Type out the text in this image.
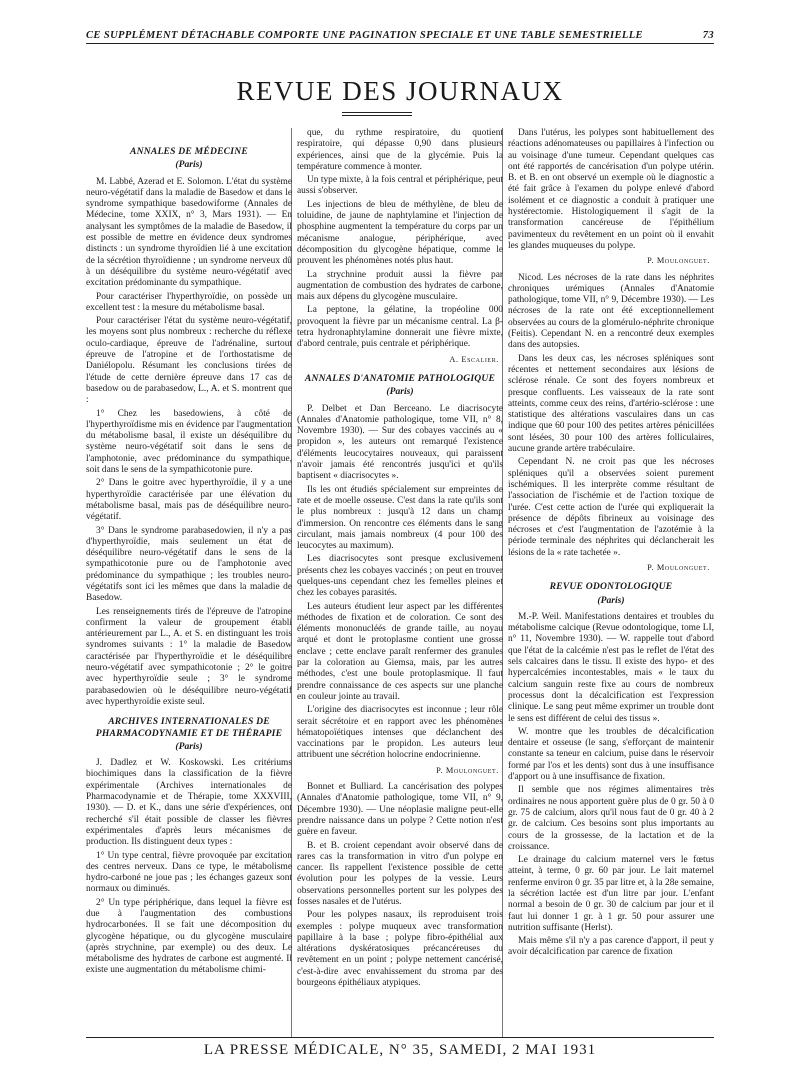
CE SUPPLÉMENT DÉTACHABLE COMPORTE UNE PAGINATION SPECIALE ET UNE TABLE SEMESTRIELLE	73
REVUE DES JOURNAUX
ANNALES DE MÉDECINE
(Paris)

M. Labbé, Azerad et E. Solomon. L'état du système neuro-végétatif dans la maladie de Basedow et dans le syndrome sympathique basedowiforme (Annales de Médecine, tome XXIX, n° 3, Mars 1931). — En analysant les symptômes de la maladie de Basedow, il est possible de mettre en évidence deux syndromes distincts : un syndrome thyroïdien lié à une excitation de la sécrétion thyroïdienne ; un syndrome nerveux dû à un déséquilibre du système neuro-végétatif avec excitation prédominante du sympathique.

Pour caractériser l'hyperthyroïdie, on possède un excellent test : la mesure du métabolisme basal.

Pour caractériser l'état du système neuro-végétatif, les moyens sont plus nombreux : recherche du réflexe oculo-cardiaque, épreuve de l'adrénaline, surtout épreuve de l'atropine et de l'orthostatisme de Daniélopolu. Résumant les conclusions tirées de l'étude de cette dernière épreuve dans 17 cas de basedow ou de parabasedow, L., A. et S. montrent que :

1° Chez les basedowiens, à côté de l'hyperthyroïdisme mis en évidence par l'augmentation du métabolisme basal, il existe un déséquilibre du système neuro-végétatif soit dans le sens de l'amphotonie, avec prédominance du sympathique, soit dans le sens de la sympathicotonie pure.

2° Dans le goitre avec hyperthyroïdie, il y a une hyperthyroïdie caractérisée par une élévation du métabolisme basal, mais pas de déséquilibre neuro-végétatif.

3° Dans le syndrome parabasedowien, il n'y a pas d'hyperthyroïdie, mais seulement un état de déséquilibre neuro-végétatif dans le sens de la sympathicotonie pure ou de l'amphotonie avec prédominance du sympathique ; les troubles neuro-végétatifs sont ici les mêmes que dans la maladie de Basedow.

Les renseignements tirés de l'épreuve de l'atropine confirment la valeur de groupement établi antérieurement par L., A. et S. en distinguant les trois syndromes suivants : 1° la maladie de Basedow caractérisée par l'hyperthyroïdie et le déséquilibre neuro-végétatif avec sympathicotonie ; 2° le goitre avec hyperthyroïdie seule ; 3° le syndrome parabasedowien où le déséquilibre neuro-végétatif avec hyperthyroïdie existe seul.

ARCHIVES INTERNATIONALES DE PHARMACODYNAMIE ET DE THÉRAPIE
(Paris)

J. Dadlez et W. Koskowski. Les critériums biochimiques dans la classification de la fièvre expérimentale (Archives internationales de Pharmacodynamie et de Thérapie, tome XXXVIII, 1930). — D. et K., dans une série d'expériences, ont recherché s'il était possible de classer les fièvres expérimentales d'après leurs mécanismes de production. Ils distinguent deux types :

1° Un type central, fièvre provoquée par excitation des centres nerveux. Dans ce type, le métabolisme hydro-carboné ne joue pas ; les échanges gazeux sont normaux ou diminués.

2° Un type périphérique, dans lequel la fièvre est due à l'augmentation des combustions hydrocarbonées. Il se fait une décomposition du glycogène hépatique, ou du glycogène musculaire (après strychnine, par exemple) ou des deux. Le métabolisme des hydrates de carbone est augmenté. Il existe une augmentation du métabolisme chimi-

que, du rythme respiratoire, du quotient respiratoire, qui dépasse 0,90 dans plusieurs expériences, ainsi que de la glycémie. Puis la température commence à monter.

Un type mixte, à la fois central et périphérique, peut aussi s'observer.

Les injections de bleu de méthylène, de bleu de toluidine, de jaune de naphtylamine et l'injection de phosphine augmentent la température du corps par un mécanisme analogue, périphérique, avec décomposition du glycogène hépatique, comme le prouvent les phénomènes notés plus haut.

La strychnine produit aussi la fièvre par augmentation de combustion des hydrates de carbone, mais aux dépens du glycogène musculaire.

La peptone, la gélatine, la tropéoline 000 provoquent la fièvre par un mécanisme central. La β-tetra hydronaphtylamine donnerait une fièvre mixte, d'abord centrale, puis centrale et périphérique.

A. Escalier.
ANNALES D'ANATOMIE PATHOLOGIQUE
(Paris)

P. Delbet et Dan Berceano. Le diacrisocyte (Annales d'Anatomie pathologique, tome VII, n° 8, Novembre 1930). — Sur des cobayes vaccinés au « propidon », les auteurs ont remarqué l'existence d'éléments leucocytaires nouveaux, qui paraissent n'avoir jamais été rencontrés jusqu'ici et qu'ils baptisent « diacrisocytes ».

Ils les ont étudiés spécialement sur empreintes de rate et de moelle osseuse. C'est dans la rate qu'ils sont le plus nombreux : jusqu'à 12 dans un champ d'immersion. On rencontre ces éléments dans le sang circulant, mais jamais nombreux (4 pour 100 des leucocytes au maximum).

Les diacrisocytes sont presque exclusivement présents chez les cobayes vaccinés ; on peut en trouver quelques-uns cependant chez les femelles pleines et chez les cobayes parasités.

Les auteurs étudient leur aspect par les différentes méthodes de fixation et de coloration. Ce sont des éléments mononucléés de grande taille, au noyau arqué et dont le protoplasme contient une grosse enclave ; cette enclave paraît renfermer des granules par la coloration au Giemsa, mais, par les autres méthodes, c'est une boule protoplasmique. Il faut prendre connaissance de ces aspects sur une planche en couleur jointe au travail.

L'origine des diacrisocytes est inconnue ; leur rôle serait sécrétoire et en rapport avec les phénomènes hématopoïétiques intenses que déclanchent des vaccinations par le propidon. Les auteurs leur attribuent une sécrétion holocrine endocrinienne.

P. Moulonguet.

Bonnet et Bulliard. La cancérisation des polypes (Annales d'Anatomie pathologique, tome VII, n° 9, Décembre 1930). — Une néoplasie maligne peut-elle prendre naissance dans un polype ? Cette notion n'est guère en faveur.

B. et B. croient cependant avoir observé dans de rares cas la transformation in vitro d'un polype en cancer. Ils rappellent l'existence possible de cette évolution pour les polypes de la vessie. Leurs observations personnelles portent sur les polypes des fosses nasales et de l'utérus.

Pour les polypes nasaux, ils reproduisent trois exemples : polype muqueux avec transformation papillaire à la base ; polype fibro-épithélial aux altérations dyskératosiques précancéreuses du revêtement en un point ; polype nettement cancérisé, c'est-à-dire avec envahissement du stroma par des bourgeons épithéliaux atypiques.

Dans l'utérus, les polypes sont habituellement des réactions adénomateuses ou papillaires à l'infection ou au voisinage d'une tumeur. Cependant quelques cas ont été rapportés de cancérisation d'un polype utérin. B. et B. en ont observé un exemple où le diagnostic a été fait grâce à l'examen du polype enlevé d'abord isolément et ce diagnostic a conduit à pratiquer une hystérectomie. Histologiquement il s'agit de la transformation cancéreuse de l'épithélium pavimenteux du revêtement en un point où il envahit les glandes muqueuses du polype.

P. Moulonguet.

Nicod. Les nécroses de la rate dans les néphrites chroniques urémiques (Annales d'Anatomie pathologique, tome VII, n° 9, Décembre 1930). — Les nécroses de la rate ont été exceptionnellement observées au cours de la glomérulo-néphrite chronique (Feitis). Cependant N. en a rencontré deux exemples dans des autopsies.

Dans les deux cas, les nécroses spléniques sont récentes et nettement secondaires aux lésions de sclérose rénale. Ce sont des foyers nombreux et presque confluents. Les vaisseaux de la rate sont atteints, comme ceux des reins, d'artério-sclérose : une statistique des altérations vasculaires dans un cas indique que 60 pour 100 des petites artères pénicillées sont lésées, 30 pour 100 des artères folliculaires, aucune grande artère trabéculaire.

Cependant N. ne croit pas que les nécroses spléniques qu'il a observées soient purement ischémiques. Il les interprète comme résultant de l'association de l'ischémie et de l'action toxique de l'urée. C'est cette action de l'urée qui expliquerait la présence de dépôts fibrineux au voisinage des nécroses et c'est l'augmentation de l'azotémie à la période terminale des néphrites qui déclancherait les lésions de la « rate tachetée ».

P. Moulonguet.
REVUE ODONTOLOGIQUE
(Paris)

M.-P. Weil. Manifestations dentaires et troubles du métabolisme calcique (Revue odontologique, tome LI, n° 11, Novembre 1930). — W. rappelle tout d'abord que l'état de la calcémie n'est pas le reflet de l'état des sels calcaires dans le tissu. Il existe des hypo- et des hypercalcémies incontestables, mais « le taux du calcium sanguin reste fixe au cours de nombreux processus dont la décalcification est l'expression clinique. Le sang peut même exprimer un trouble dont le sens est différent de celui des tissus ».

W. montre que les troubles de décalcification dentaire et osseuse (le sang, s'efforçant de maintenir constante sa teneur en calcium, puise dans le réservoir formé par l'os et les dents) sont dus à une insuffisance d'apport ou à une insuffisance de fixation.

Il semble que nos régimes alimentaires très ordinaires ne nous apportent guère plus de 0 gr. 50 à 0 gr. 75 de calcium, alors qu'il nous faut de 0 gr. 40 à 2 gr. de calcium. Ces besoins sont plus importants au cours de la grossesse, de la lactation et de la croissance.

Le drainage du calcium maternel vers le fœtus atteint, à terme, 0 gr. 60 par jour. Le lait maternel renferme environ 0 gr. 35 par litre et, à la 28e semaine, la sécrétion lactée est d'un litre par jour. L'enfant normal a besoin de 0 gr. 30 de calcium par jour et il faut lui donner 1 gr. à 1 gr. 50 pour assurer une nutrition suffisante (Herlst).

Mais même s'il n'y a pas carence d'apport, il peut y avoir décalcification par carence de fixation

LA PRESSE MÉDICALE, N° 35, SAMEDI, 2 MAI 1931
